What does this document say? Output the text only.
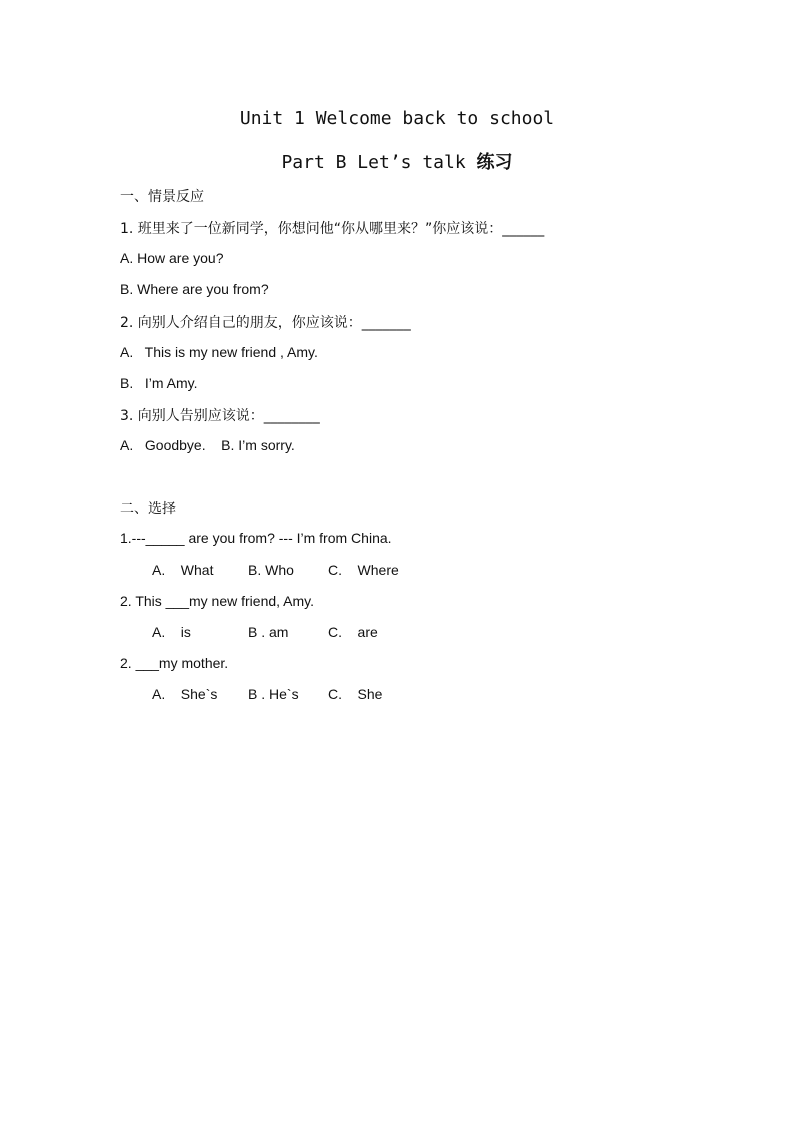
Unit 1 Welcome back to school
Part B Let’s talk 练习
一、情景反应
1. 班里来了一位新同学，你想问他“你从哪里来？”你应该说：______
A. How are you?
B. Where are you from?
2. 向别人介绍自己的朋友，你应该说：_______
A.   This is my new friend , Amy.
B.   I’m Amy.
3. 向别人告别应该说：________
A.   Goodbye.    B. I’m sorry.
二、选择
1.---_____ are you from? --- I’m from China.
A.    What B. Who C.    Where
2. This ___my new friend, Amy.
A.    is	B . am	C.    are
2. ___my mother.
A.    She`s B . He`s C.    She
